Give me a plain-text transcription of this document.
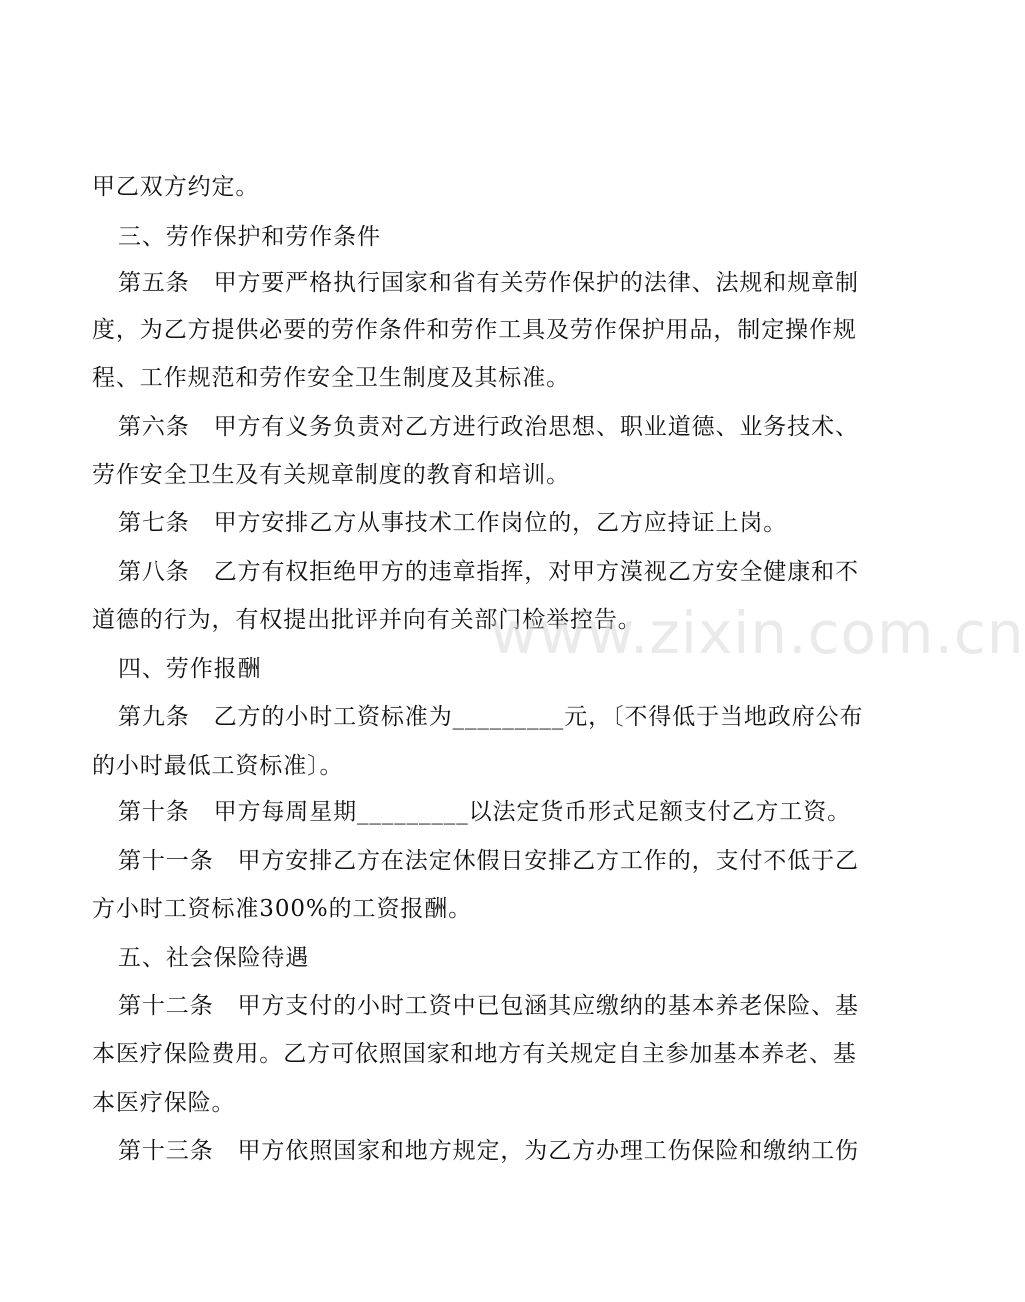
甲乙双方约定。
三、劳作保护和劳作条件
第五条　甲方要严格执行国家和省有关劳作保护的法律、法规和规章制
度，为乙方提供必要的劳作条件和劳作工具及劳作保护用品，制定操作规
程、工作规范和劳作安全卫生制度及其标准。
第六条　甲方有义务负责对乙方进行政治思想、职业道德、业务技术、
劳作安全卫生及有关规章制度的教育和培训。
第七条　甲方安排乙方从事技术工作岗位的，乙方应持证上岗。
第八条　乙方有权拒绝甲方的违章指挥，对甲方漠视乙方安全健康和不
道德的行为，有权提出批评并向有关部门检举控告。
四、劳作报酬
第九条　乙方的小时工资标准为_________元，〔不得低于当地政府公布
的小时最低工资标准〕。
第十条　甲方每周星期_________以法定货币形式足额支付乙方工资。
第十一条　甲方安排乙方在法定休假日安排乙方工作的，支付不低于乙
方小时工资标准300%的工资报酬。
五、社会保险待遇
第十二条　甲方支付的小时工资中已包涵其应缴纳的基本养老保险、基
本医疗保险费用。乙方可依照国家和地方有关规定自主参加基本养老、基
本医疗保险。
第十三条　甲方依照国家和地方规定，为乙方办理工伤保险和缴纳工伤
www.zixin.com.cn
